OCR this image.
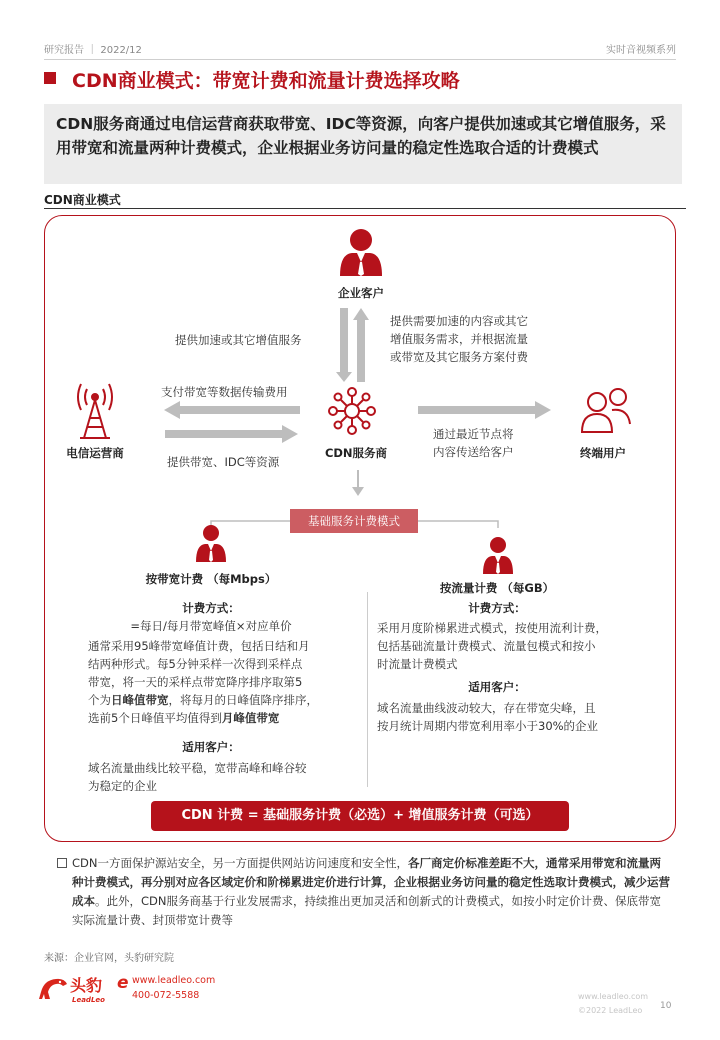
研究报告 ｜ 2022/12	实时音视频系列
CDN商业模式：带宽计费和流量计费选择攻略
CDN服务商通过电信运营商获取带宽、IDC等资源，向客户提供加速或其它增值服务，采用带宽和流量两种计费模式，企业根据业务访问量的稳定性选取合适的计费模式
CDN商业模式
企业客户
提供加速或其它增值服务
提供需要加速的内容或其它
增值服务需求，并根据流量
或带宽及其它服务方案付费
支付带宽等数据传输费用
提供带宽、IDC等资源
电信运营商	CDN服务商
通过最近节点将
内容传送给客户	终端用户
基础服务计费模式
按带宽计费 （每Mbps）
计费方式：
=每日/每月带宽峰值×对应单价
通常采用95峰带宽峰值计费，包括日结和月
结两种形式。每5分钟采样一次得到采样点
带宽，将一天的采样点带宽降序排序取第5
个为日峰值带宽，将每月的日峰值降序排序，
选前5个日峰值平均值得到月峰值带宽
适用客户：
域名流量曲线比较平稳，宽带高峰和峰谷较
为稳定的企业
按流量计费 （每GB）
计费方式：
采用月度阶梯累进式模式，按使用流利计费，
包括基础流量计费模式、流量包模式和按小
时流量计费模式
适用客户：
域名流量曲线波动较大，存在带宽尖峰，且
按月统计周期内带宽利用率小于30%的企业
CDN 计费 = 基础服务计费（必选）+ 增值服务计费（可选）
CDN一方面保护源站安全，另一方面提供网站访问速度和安全性，各厂商定价标准差距不大，通常采用带宽和流量两种计费模式，再分别对应各区域定价和阶梯累进定价进行计算，企业根据业务访问量的稳定性选取计费模式，减少运营成本。此外，CDN服务商基于行业发展需求，持续推出更加灵活和创新式的计费模式，如按小时定价计费、保底带宽实际流量计费、封顶带宽计费等
来源：企业官网，头豹研究院
头豹
LeadLeo
e www.leadleo.com
400-072-5588	www.leadleo.com
©2022 LeadLeo 10
